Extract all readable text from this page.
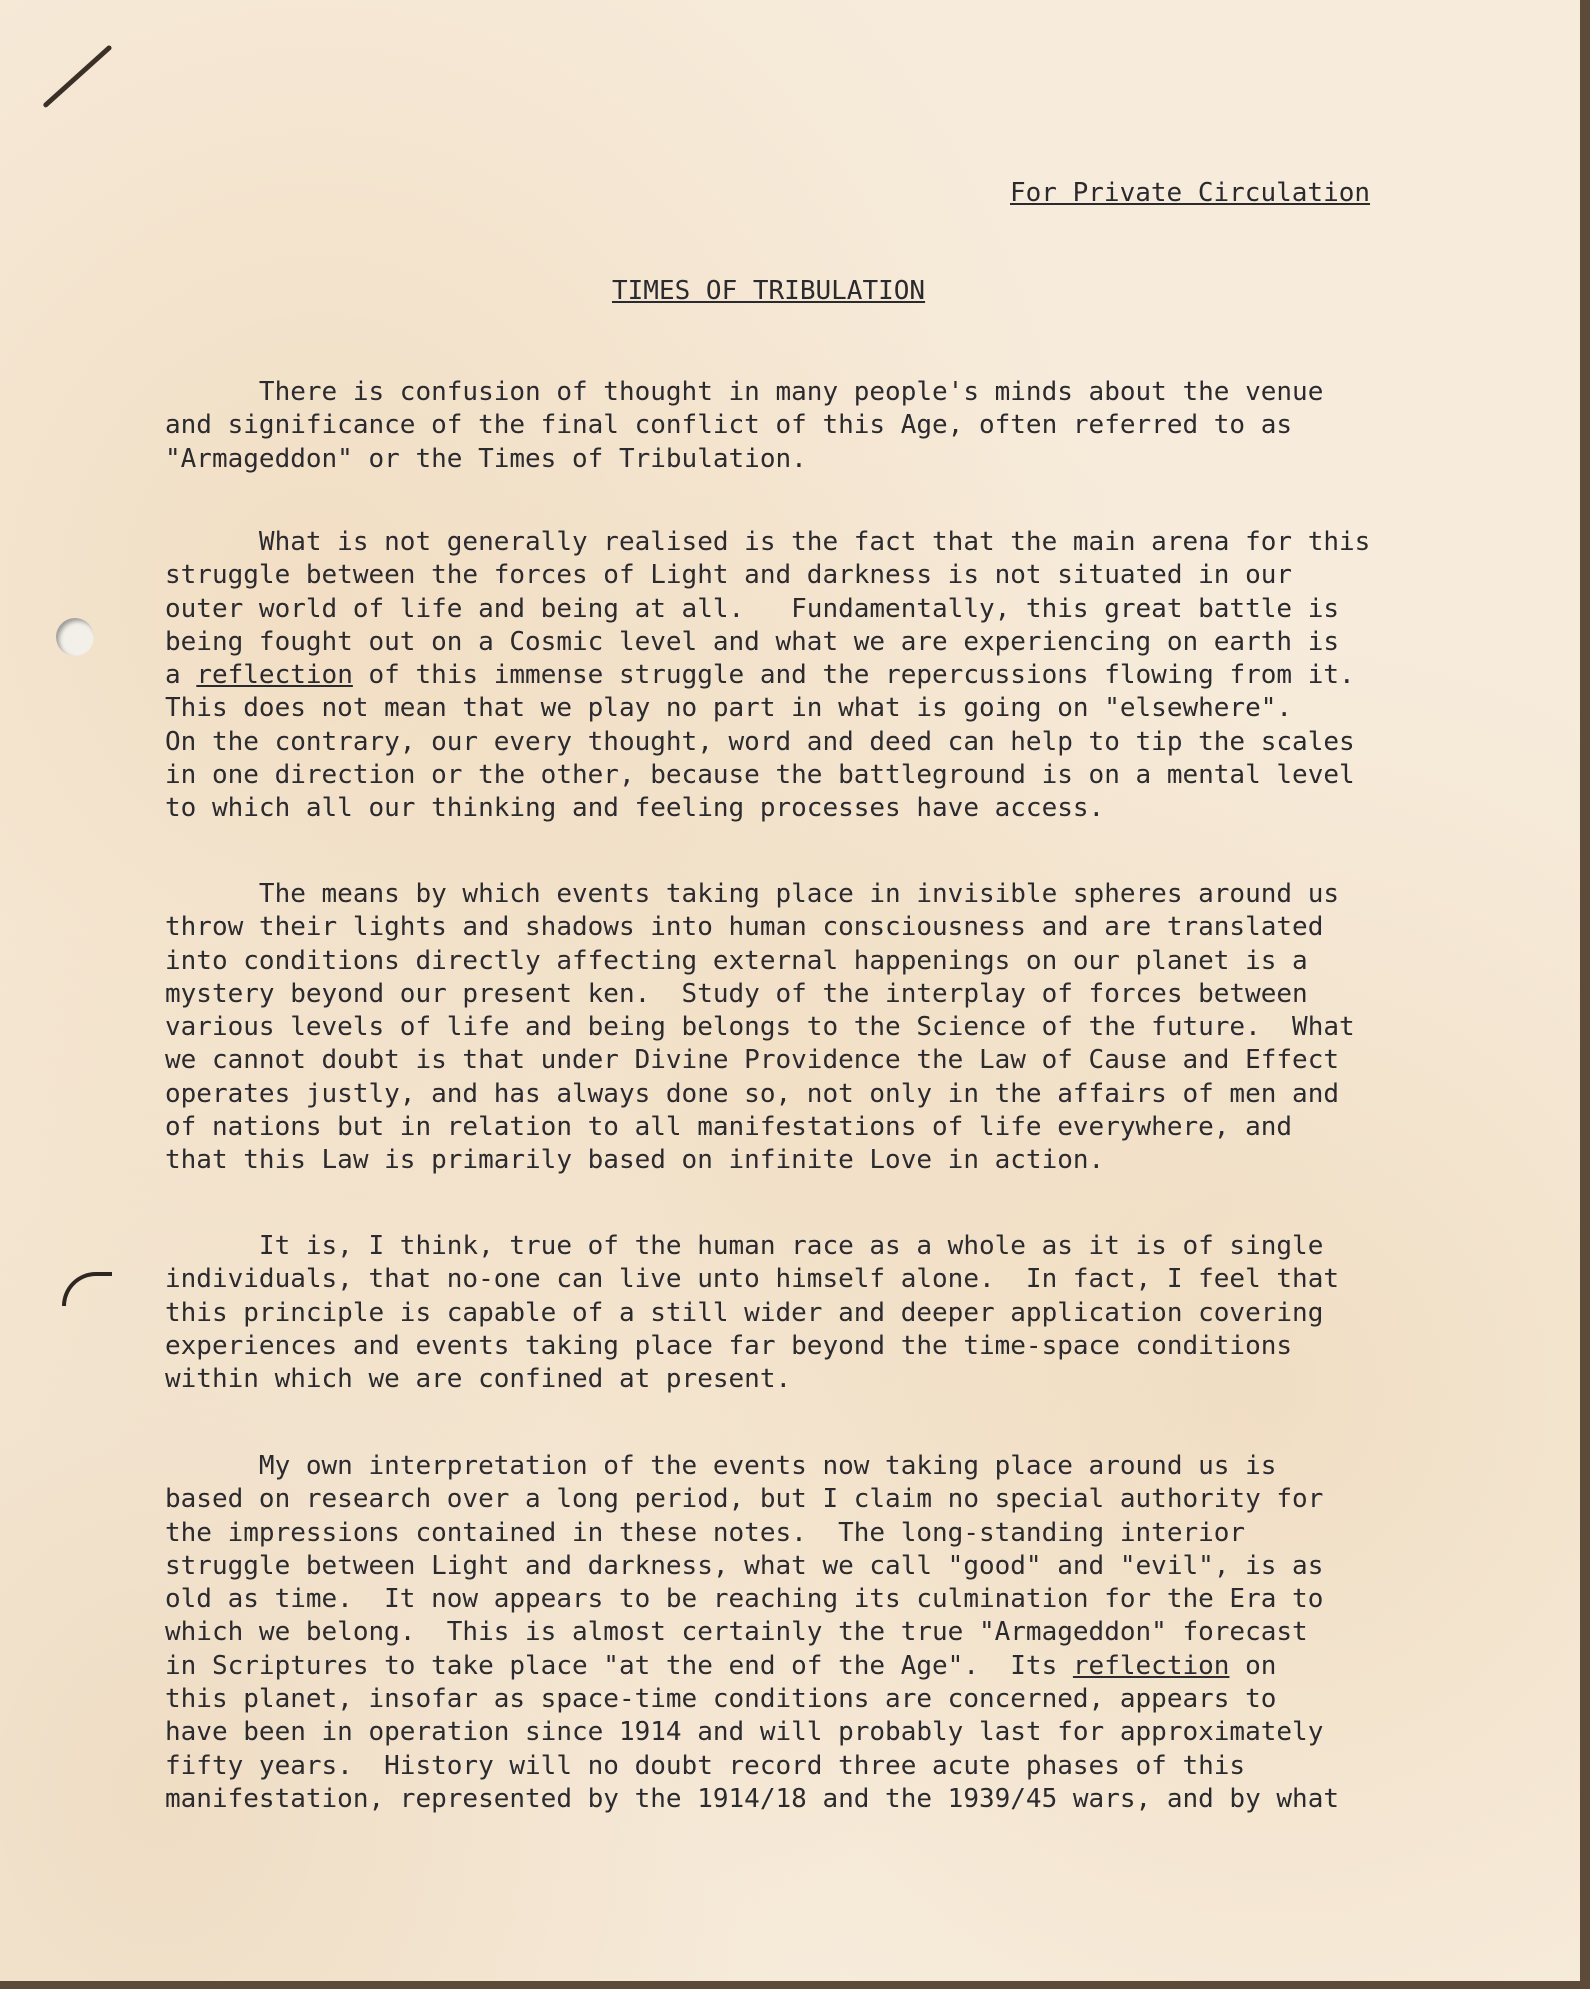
For Private Circulation
TIMES OF TRIBULATION
There is confusion of thought in many people's minds about the venue
and significance of the final conflict of this Age, often referred to as
"Armageddon" or the Times of Tribulation.
What is not generally realised is the fact that the main arena for this
struggle between the forces of Light and darkness is not situated in our
outer world of life and being at all.   Fundamentally, this great battle is
being fought out on a Cosmic level and what we are experiencing on earth is
a reflection of this immense struggle and the repercussions flowing from it.
This does not mean that we play no part in what is going on "elsewhere".
On the contrary, our every thought, word and deed can help to tip the scales
in one direction or the other, because the battleground is on a mental level
to which all our thinking and feeling processes have access.
The means by which events taking place in invisible spheres around us
throw their lights and shadows into human consciousness and are translated
into conditions directly affecting external happenings on our planet is a
mystery beyond our present ken.  Study of the interplay of forces between
various levels of life and being belongs to the Science of the future.  What
we cannot doubt is that under Divine Providence the Law of Cause and Effect
operates justly, and has always done so, not only in the affairs of men and
of nations but in relation to all manifestations of life everywhere, and
that this Law is primarily based on infinite Love in action.
It is, I think, true of the human race as a whole as it is of single
individuals, that no-one can live unto himself alone.  In fact, I feel that
this principle is capable of a still wider and deeper application covering
experiences and events taking place far beyond the time-space conditions
within which we are confined at present.
My own interpretation of the events now taking place around us is
based on research over a long period, but I claim no special authority for
the impressions contained in these notes.  The long-standing interior
struggle between Light and darkness, what we call "good" and "evil", is as
old as time.  It now appears to be reaching its culmination for the Era to
which we belong.  This is almost certainly the true "Armageddon" forecast
in Scriptures to take place "at the end of the Age".  Its reflection on
this planet, insofar as space-time conditions are concerned, appears to
have been in operation since 1914 and will probably last for approximately
fifty years.  History will no doubt record three acute phases of this
manifestation, represented by the 1914/18 and the 1939/45 wars, and by what
